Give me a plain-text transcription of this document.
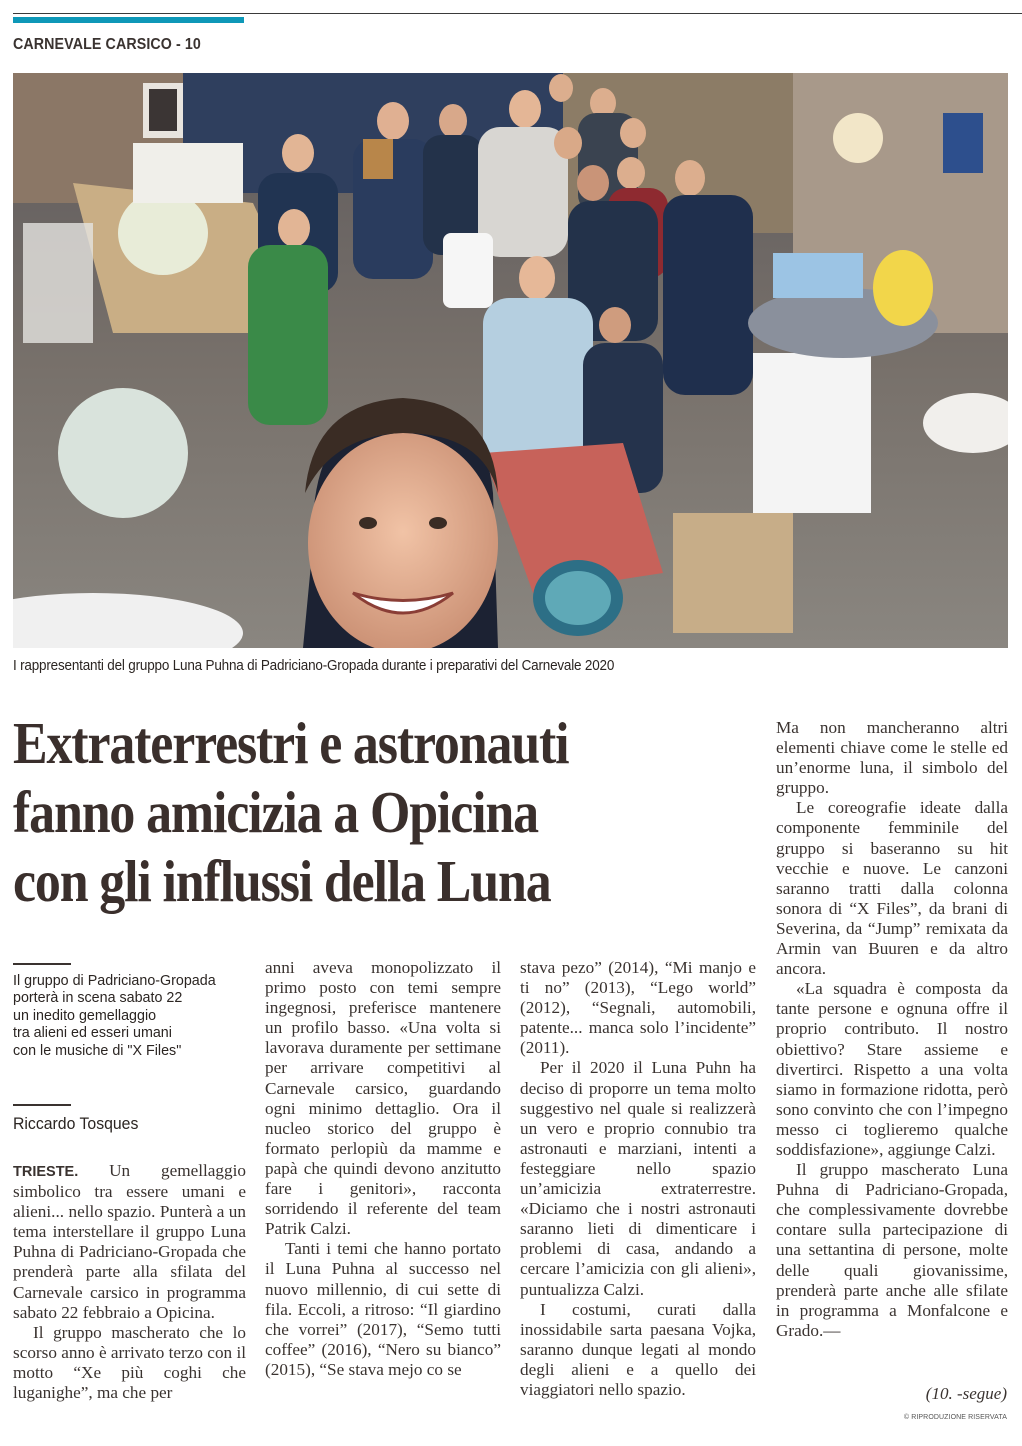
CARNEVALE CARSICO - 10
I rappresentanti del gruppo Luna Puhna di Padriciano-Gropada durante i preparativi del Carnevale 2020
Extraterrestri e astronauti
fanno amicizia a Opicina
con gli influssi della Luna
Il gruppo di Padriciano-Gropada
porterà in scena sabato 22
un inedito gemellaggio
tra alieni ed esseri umani
con le musiche di "X Files"
Riccardo Tosques

TRIESTE. Un gemellaggio simbolico tra essere umani e alieni... nello spazio. Punterà a un tema interstellare il gruppo Luna Puhna di Padriciano-Gropada che prenderà parte alla sfilata del Carnevale carsico in programma sabato 22 febbraio a Opicina.

Il gruppo mascherato che lo scorso anno è arrivato terzo con il motto “Xe più coghi che luganighe”, ma che per

anni aveva monopolizzato il primo posto con temi sempre ingegnosi, preferisce mantenere un profilo basso. «Una volta si lavorava duramente per settimane per arrivare competitivi al Carnevale carsico, guardando ogni minimo dettaglio. Ora il nucleo storico del gruppo è formato perlopiù da mamme e papà che quindi devono anzitutto fare i genitori», racconta sorridendo il referente del team Patrik Calzi.

Tanti i temi che hanno portato il Luna Puhna al successo nel nuovo millennio, di cui sette di fila. Eccoli, a ritroso: “Il giardino che vorrei” (2017), “Semo tutti coffee” (2016), “Nero su bianco” (2015), “Se stava mejo co se

stava pezo” (2014), “Mi manjo e ti no” (2013), “Lego world” (2012), “Segnali, automobili, patente... manca solo l’incidente” (2011).

Per il 2020 il Luna Puhn ha deciso di proporre un tema molto suggestivo nel quale si realizzerà un vero e proprio connubio tra astronauti e marziani, intenti a festeggiare nello spazio un’amicizia extraterrestre. «Diciamo che i nostri astronauti saranno lieti di dimenticare i problemi di casa, andando a cercare l’amicizia con gli alieni», puntualizza Calzi.

I costumi, curati dalla inossidabile sarta paesana Vojka, saranno dunque legati al mondo degli alieni e a quello dei viaggiatori nello spazio.

Ma non mancheranno altri elementi chiave come le stelle ed un’enorme luna, il simbolo del gruppo.

Le coreografie ideate dalla componente femminile del gruppo si baseranno su hit vecchie e nuove. Le canzoni saranno tratti dalla colonna sonora di “X Files”, da brani di Severina, da “Jump” remixata da Armin van Buuren e da altro ancora.

«La squadra è composta da tante persone e ognuna offre il proprio contributo. Il nostro obiettivo? Stare assieme e divertirci. Rispetto a una volta siamo in formazione ridotta, però sono convinto che con l’impegno messo ci toglieremo qualche soddisfazione», aggiunge Calzi.

Il gruppo mascherato Luna Puhna di Padriciano-Gropada, che complessivamente dovrebbe contare sulla partecipazione di una settantina di persone, molte delle quali giovanissime, prenderà parte anche alle sfilate in programma a Monfalcone e Grado.—

(10. -segue)
© RIPRODUZIONE RISERVATA
